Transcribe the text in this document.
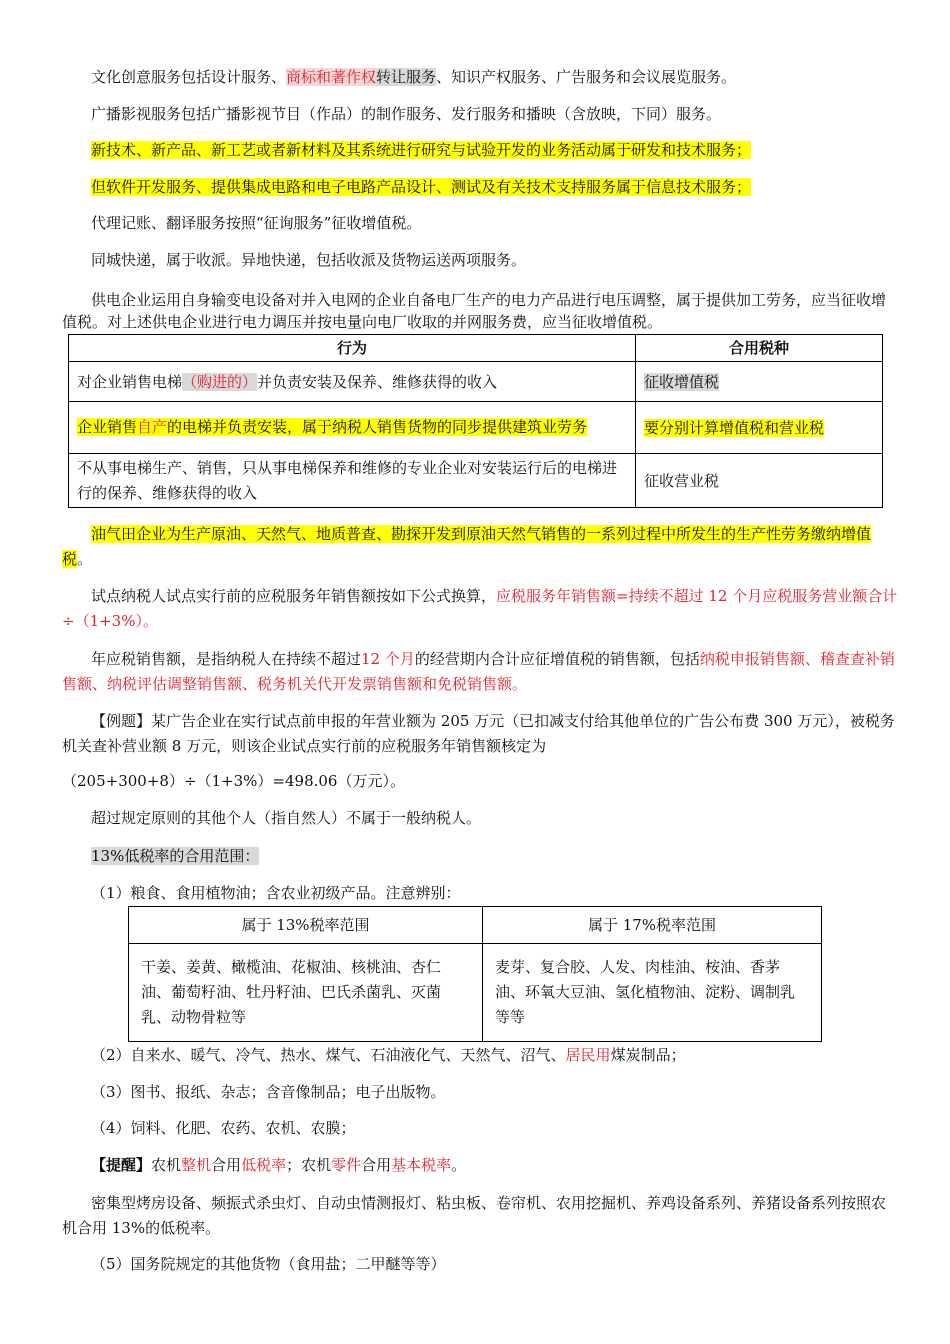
文化创意服务包括设计服务、商标和著作权转让服务、知识产权服务、广告服务和会议展览服务。
广播影视服务包括广播影视节目（作品）的制作服务、发行服务和播映（含放映，下同）服务。
新技术、新产品、新工艺或者新材料及其系统进行研究与试验开发的业务活动属于研发和技术服务；
但软件开发服务、提供集成电路和电子电路产品设计、测试及有关技术支持服务属于信息技术服务；
代理记账、翻译服务按照“征询服务”征收增值税。
同城快递，属于收派。异地快递，包括收派及货物运送两项服务。
供电企业运用自身输变电设备对并入电网的企业自备电厂生产的电力产品进行电压调整，属于提供加工劳务，应当征收增值税。对上述供电企业进行电力调压并按电量向电厂收取的并网服务费，应当征收增值税。
行为	合用税种
对企业销售电梯（购进的）并负责安装及保养、维修获得的收入	征收增值税
企业销售自产的电梯并负责安装，属于纳税人销售货物的同步提供建筑业劳务	要分别计算增值税和营业税
不从事电梯生产、销售，只从事电梯保养和维修的专业企业对安装运行后的电梯进行的保养、维修获得的收入	征收营业税
油气田企业为生产原油、天然气、地质普查、勘探开发到原油天然气销售的一系列过程中所发生的生产性劳务缴纳增值税。
试点纳税人试点实行前的应税服务年销售额按如下公式换算，应税服务年销售额=持续不超过 12 个月应税服务营业额合计÷（1+3%）。
年应税销售额，是指纳税人在持续不超过12 个月的经营期内合计应征增值税的销售额，包括纳税申报销售额、稽查查补销售额、纳税评估调整销售额、税务机关代开发票销售额和免税销售额。
【例题】某广告企业在实行试点前申报的年营业额为 205 万元（已扣减支付给其他单位的广告公布费 300 万元），被税务机关查补营业额 8 万元，则该企业试点实行前的应税服务年销售额核定为
（205+300+8）÷（1+3%）=498.06（万元）。
超过规定原则的其他个人（指自然人）不属于一般纳税人。
13%低税率的合用范围：
（1）粮食、食用植物油；含农业初级产品。注意辨别：
属于 13%税率范围	属于 17%税率范围
干姜、姜黄、橄榄油、花椒油、核桃油、杏仁油、葡萄籽油、牡丹籽油、巴氏杀菌乳、灭菌乳、动物骨粒等	麦芽、复合胶、人发、肉桂油、桉油、香茅油、环氧大豆油、氢化植物油、淀粉、调制乳等等
（2）自来水、暖气、冷气、热水、煤气、石油液化气、天然气、沼气、居民用煤炭制品；
（3）图书、报纸、杂志；含音像制品；电子出版物。
（4）饲料、化肥、农药、农机、农膜；
【提醒】农机整机合用低税率；农机零件合用基本税率。
密集型烤房设备、频振式杀虫灯、自动虫情测报灯、粘虫板、卷帘机、农用挖掘机、养鸡设备系列、养猪设备系列按照农机合用 13%的低税率。
（5）国务院规定的其他货物（食用盐；二甲醚等等）
